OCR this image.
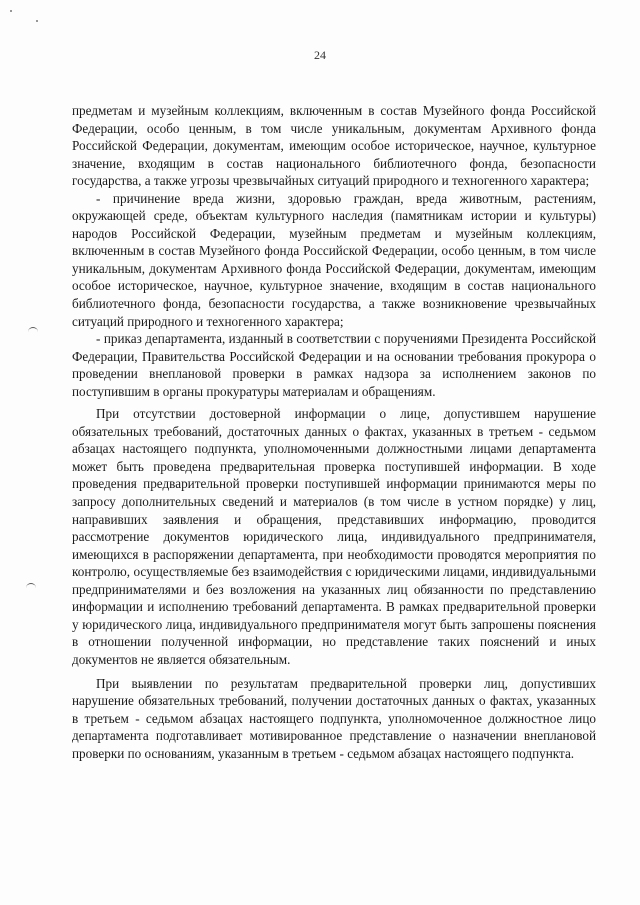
24

предметам и музейным коллекциям, включенным в состав Музейного фонда Российской Федерации, особо ценным, в том числе уникальным, документам Архивного фонда Российской Федерации, документам, имеющим особое историческое, научное, культурное значение, входящим в состав национального библиотечного фонда, безопасности государства, а также угрозы чрезвычайных ситуаций природного и техногенного характера;

- причинение вреда жизни, здоровью граждан, вреда животным, растениям, окружающей среде, объектам культурного наследия (памятникам истории и культуры) народов Российской Федерации, музейным предметам и музейным коллекциям, включенным в состав Музейного фонда Российской Федерации, особо ценным, в том числе уникальным, документам Архивного фонда Российской Федерации, документам, имеющим особое историческое, научное, культурное значение, входящим в состав национального библиотечного фонда, безопасности государства, а также возникновение чрезвычайных ситуаций природного и техногенного характера;

- приказ департамента, изданный в соответствии с поручениями Президента Российской Федерации, Правительства Российской Федерации и на основании требования прокурора о проведении внеплановой проверки в рамках надзора за исполнением законов по поступившим в органы прокуратуры материалам и обращениям.

При отсутствии достоверной информации о лице, допустившем нарушение обязательных требований, достаточных данных о фактах, указанных в третьем - седьмом абзацах настоящего подпункта, уполномоченными должностными лицами департамента может быть проведена предварительная проверка поступившей информации. В ходе проведения предварительной проверки поступившей информации принимаются меры по запросу дополнительных сведений и материалов (в том числе в устном порядке) у лиц, направивших заявления и обращения, представивших информацию, проводится рассмотрение документов юридического лица, индивидуального предпринимателя, имеющихся в распоряжении департамента, при необходимости проводятся мероприятия по контролю, осуществляемые без взаимодействия с юридическими лицами, индивидуальными предпринимателями и без возложения на указанных лиц обязанности по представлению информации и исполнению требований департамента. В рамках предварительной проверки у юридического лица, индивидуального предпринимателя могут быть запрошены пояснения в отношении полученной информации, но представление таких пояснений и иных документов не является обязательным.

При выявлении по результатам предварительной проверки лиц, допустивших нарушение обязательных требований, получении достаточных данных о фактах, указанных в третьем - седьмом абзацах настоящего подпункта, уполномоченное должностное лицо департамента подготавливает мотивированное представление о назначении внеплановой проверки по основаниям, указанным в третьем - седьмом абзацах настоящего подпункта.
